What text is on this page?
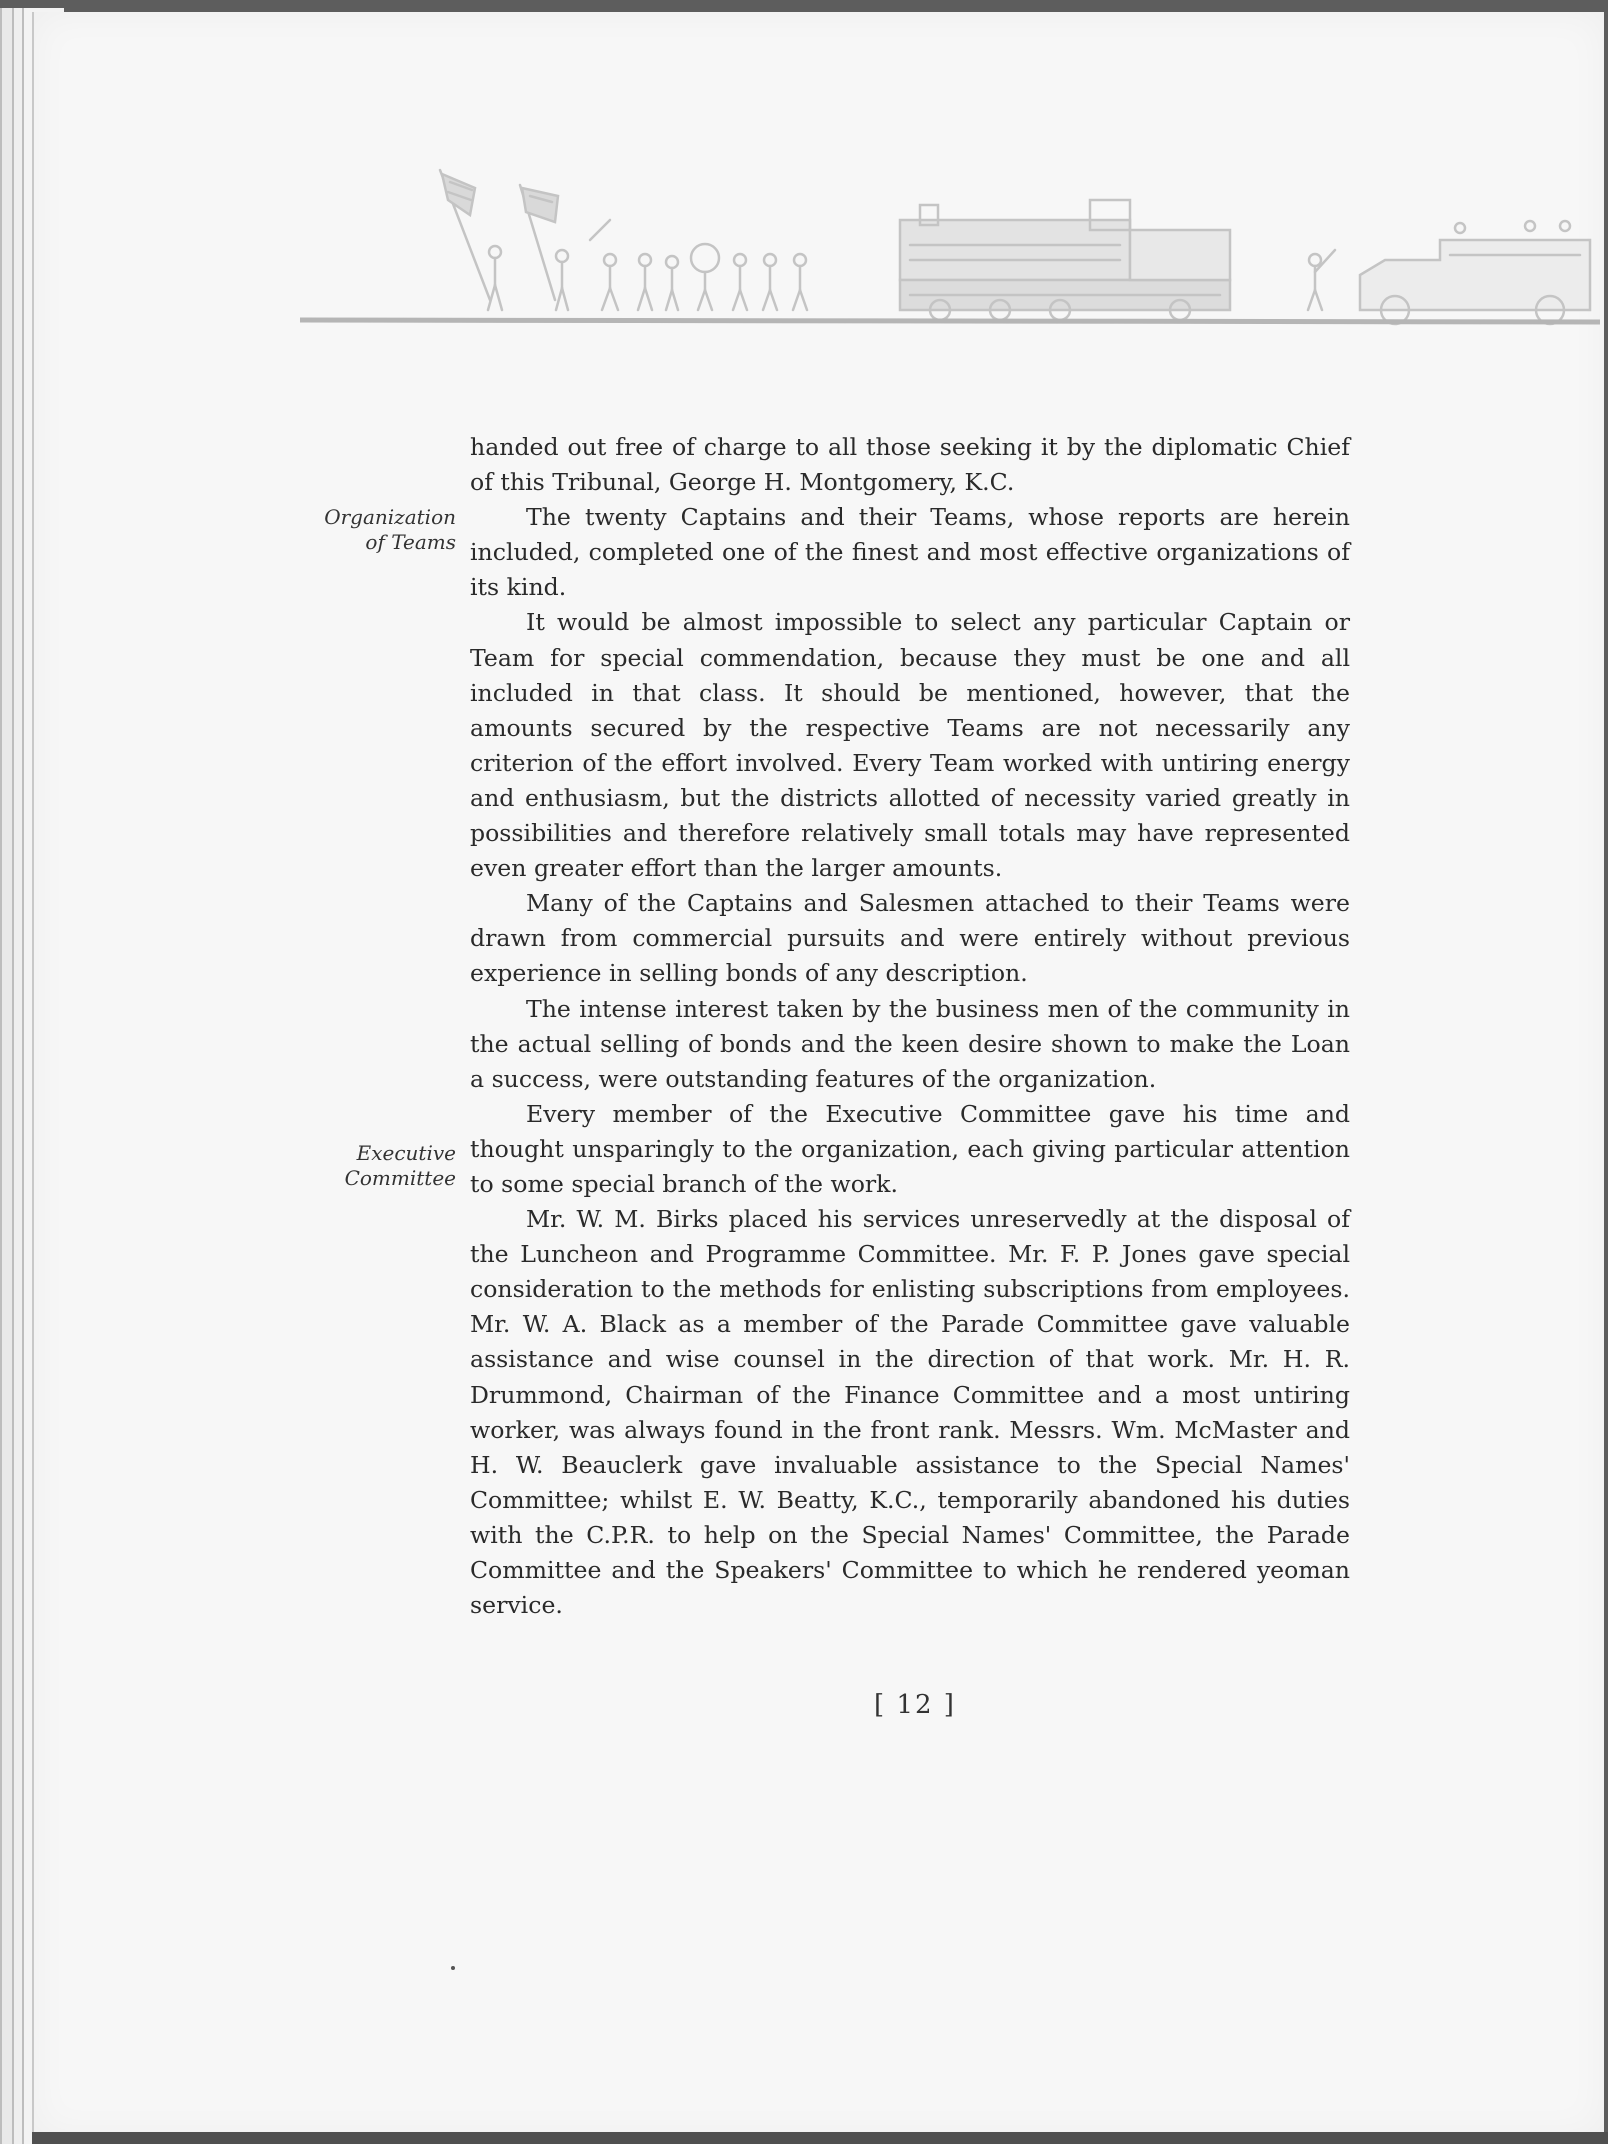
Organization
of Teams
Executive
Committee

handed out free of charge to all those seeking it by the diplomatic Chief of this Tribunal, George H. Montgomery, K.C.

The twenty Captains and their Teams, whose reports are herein included, completed one of the finest and most effective organizations of its kind.

It would be almost impossible to select any particular Captain or Team for special commendation, because they must be one and all included in that class. It should be mentioned, however, that the amounts secured by the respective Teams are not necessarily any criterion of the effort involved. Every Team worked with untiring energy and enthusiasm, but the districts allotted of necessity varied greatly in possibilities and therefore relatively small totals may have represented even greater effort than the larger amounts.

Many of the Captains and Salesmen attached to their Teams were drawn from commercial pursuits and were entirely without previous experience in selling bonds of any description.

The intense interest taken by the business men of the community in the actual selling of bonds and the keen desire shown to make the Loan a success, were outstanding features of the organization.

Every member of the Executive Committee gave his time and thought unsparingly to the organization, each giving particular attention to some special branch of the work.

Mr. W. M. Birks placed his services unreservedly at the disposal of the Luncheon and Programme Committee. Mr. F. P. Jones gave special consideration to the methods for enlisting subscriptions from employees. Mr. W. A. Black as a member of the Parade Committee gave valuable assistance and wise counsel in the direction of that work. Mr. H. R. Drummond, Chairman of the Finance Committee and a most untiring worker, was always found in the front rank. Messrs. Wm. McMaster and H. W. Beauclerk gave invaluable assistance to the Special Names' Committee; whilst E. W. Beatty, K.C., temporarily abandoned his duties with the C.P.R. to help on the Special Names' Committee, the Parade Committee and the Speakers' Committee to which he rendered yeoman service.

[ 12 ]
